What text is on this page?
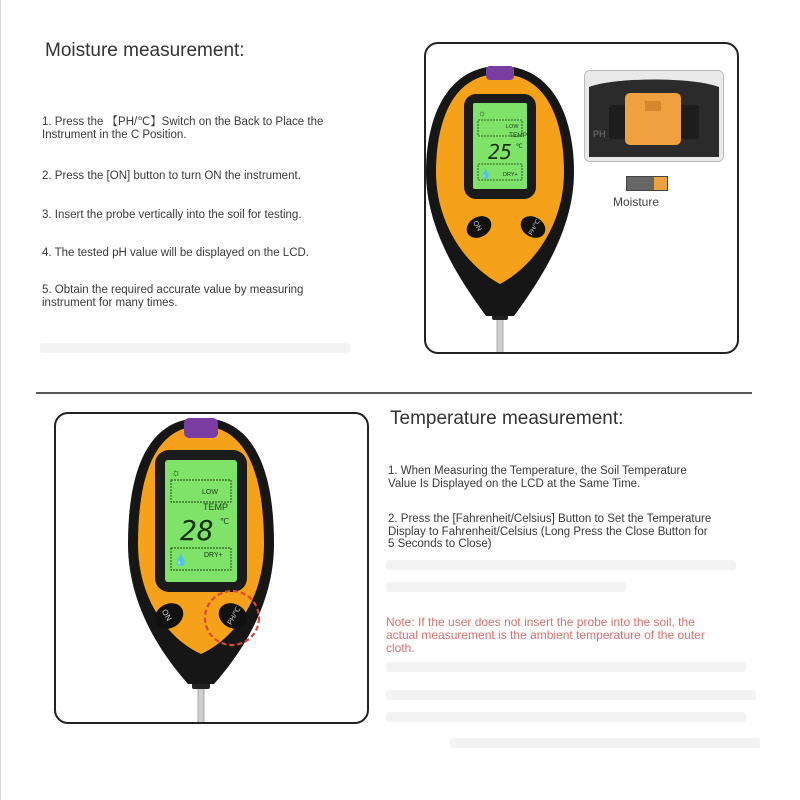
Moisture measurement:
1. Press the 【PH/℃】Switch on the Back to Place the
Instrument in the C Position.
2. Press the [ON] button to turn ON the instrument.
3. Insert the probe vertically into the soil for testing.
4. The tested pH value will be displayed on the LCD.
5. Obtain the required accurate value by measuring
instrument for many times.
☼
LOW
TEMP
25 ℃
💧 DRY+
ON	PH/℃
PH
Moisture
☼
LOW
TEMP
28 ℃
💧 DRY+
ON	PH/℃
Temperature measurement:
1. When Measuring the Temperature, the Soil Temperature
Value Is Displayed on the LCD at the Same Time.
2. Press the [Fahrenheit/Celsius] Button to Set the Temperature
Display to Fahrenheit/Celsius (Long Press the Close Button for
5 Seconds to Close)
Note: If the user does not insert the probe into the soil, the
actual measurement is the ambient temperature of the outer
cloth.
